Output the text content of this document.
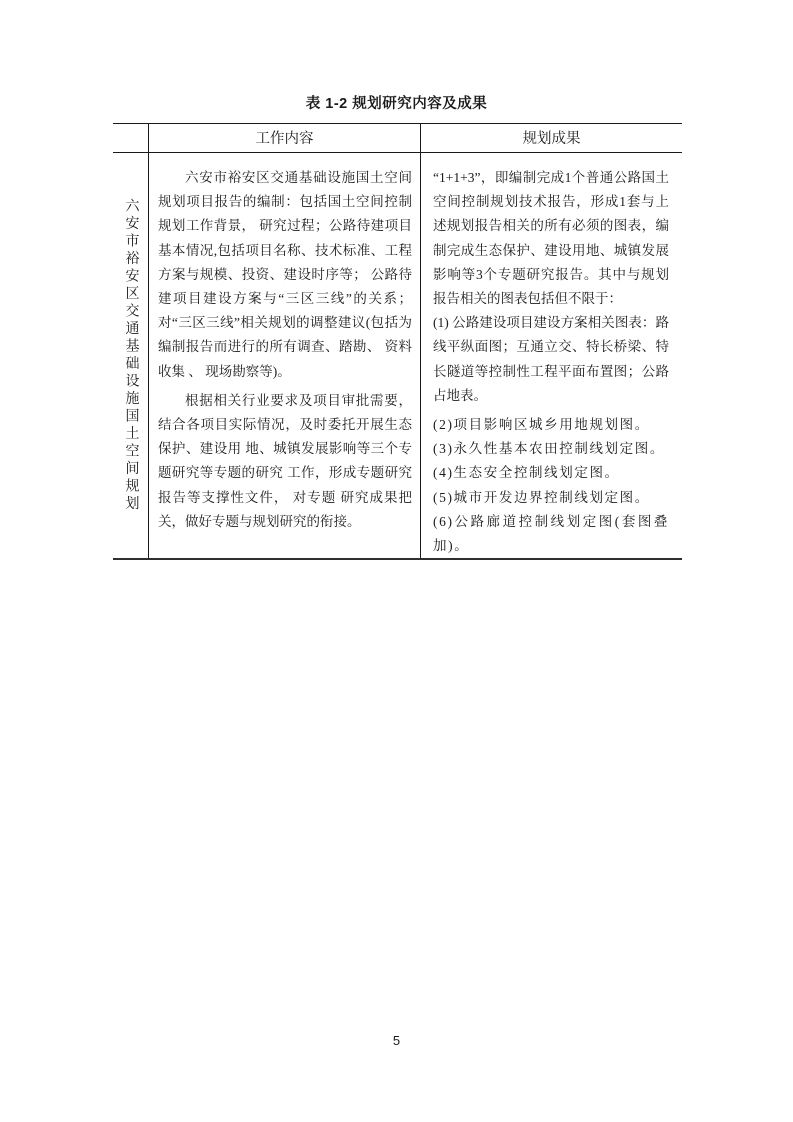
表 1-2 规划研究内容及成果
工作内容	规划成果
六安市裕安区交通基础设施国土空间规划

六安市裕安区交通基础设施国土空间规划项目报告的编制：包括国土空间控制规划工作背景， 研究过程；公路待建项目基本情况,包括项目名称、技术标准、工程方案与规模、投资、建设时序等； 公路待建项目建设方案与“三区三线”的关系； 对“三区三线”相关规划的调整建议(包括为编制报告而进行的所有调查、踏勘、 资料收集 、 现场勘察等)。

根据相关行业要求及项目审批需要，结合各项目实际情况，及时委托开展生态保护、建设用 地、城镇发展影响等三个专题研究等专题的研究 工作，形成专题研究报告等支撑性文件， 对专题 研究成果把关，做好专题与规划研究的衔接。

“1+1+3”，即编制完成1个普通公路国土空间控制规划技术报告，形成1套与上述规划报告相关的所有必须的图表，编制完成生态保护、建设用地、城镇发展影响等3个专题研究报告。其中与规划报告相关的图表包括但不限于：

(1) 公路建设项目建设方案相关图表：路线平纵面图；互通立交、特长桥梁、特长隧道等控制性工程平面布置图；公路占地表。

(2)项目影响区城乡用地规划图。

(3)永久性基本农田控制线划定图。

(4)生态安全控制线划定图。

(5)城市开发边界控制线划定图。

(6)公路廊道控制线划定图(套图叠加)。

5
